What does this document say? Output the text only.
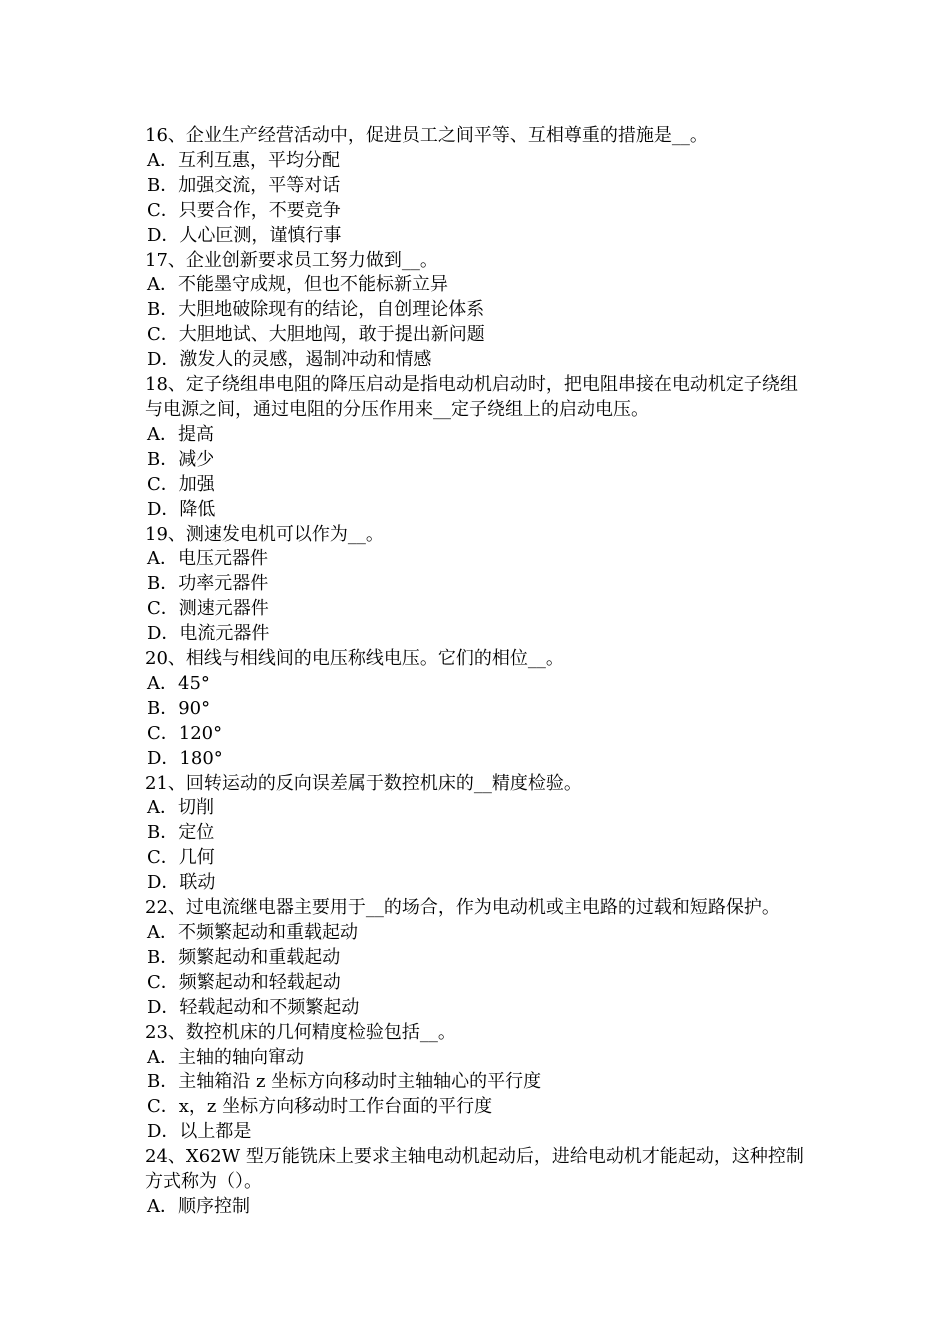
16、企业生产经营活动中，促进员工之间平等、互相尊重的措施是__。

A．互利互惠，平均分配

B．加强交流，平等对话

C．只要合作，不要竞争

D．人心叵测，谨慎行事

17、企业创新要求员工努力做到__。

A．不能墨守成规，但也不能标新立异

B．大胆地破除现有的结论，自创理论体系

C．大胆地试、大胆地闯，敢于提出新问题

D．激发人的灵感，遏制冲动和情感

18、定子绕组串电阻的降压启动是指电动机启动时，把电阻串接在电动机定子绕组与电源之间，通过电阻的分压作用来__定子绕组上的启动电压。

A．提高

B．减少

C．加强

D．降低

19、测速发电机可以作为__。

A．电压元器件

B．功率元器件

C．测速元器件

D．电流元器件

20、相线与相线间的电压称线电压。它们的相位__。

A．45°

B．90°

C．120°

D．180°

21、回转运动的反向误差属于数控机床的__精度检验。

A．切削

B．定位

C．几何

D．联动

22、过电流继电器主要用于__的场合，作为电动机或主电路的过载和短路保护。

A．不频繁起动和重载起动

B．频繁起动和重载起动

C．频繁起动和轻载起动

D．轻载起动和不频繁起动

23、数控机床的几何精度检验包括__。

A．主轴的轴向窜动

B．主轴箱沿 z 坐标方向移动时主轴轴心的平行度

C．x，z 坐标方向移动时工作台面的平行度

D．以上都是

24、X62W 型万能铣床上要求主轴电动机起动后，进给电动机才能起动，这种控制方式称为（）。

A．顺序控制
